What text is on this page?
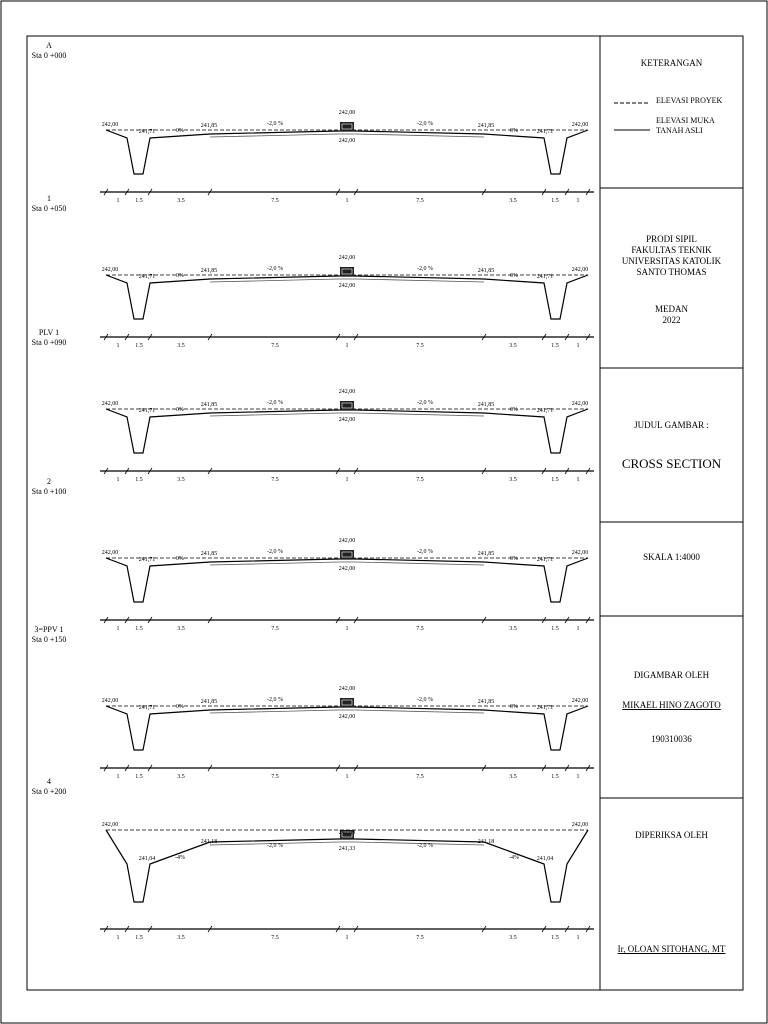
A
Sta 0 +000
242,00	242,00
241,71	241,71
241,85	241,85
242,00
242,00
-2,0 %	-2,0 %
0%	0%
1	1.5	3.5	7.5	1	7.5	3.5	1.5	1
1
Sta 0 +050
242,00	242,00
241,71	241,71
241,85	241,85
242,00
242,00
-2,0 %	-2,0 %
0%	0%
1	1.5	3.5	7.5	1	7.5	3.5	1.5	1
PLV 1
Sta 0 +090
242,00	242,00
241,71	241,71
241,85	241,85
242,00
242,00
-2,0 %	-2,0 %
0%	0%
1	1.5	3.5	7.5	1	7.5	3.5	1.5	1
2
Sta 0 +100
242,00	242,00
241,71	241,71
241,85	241,85
242,00
242,00
-2,0 %	-2,0 %
0%	0%
1	1.5	3.5	7.5	1	7.5	3.5	1.5	1
3=PPV 1
Sta 0 +150
242,00	242,00
241,71	241,71
241,85	241,85
242,00
242,00
-2,0 %	-2,0 %
0%	0%
1	1.5	3.5	7.5	1	7.5	3.5	1.5	1
4
Sta 0 +200
242,00	242,00
241,04	241,04
241,18	241,18
242,00
241,33
-2,0 %	-2,0 %
-4%	-4%
1	1.5	3.5	7.5	1	7.5	3.5	1.5	1
KETERANGAN
ELEVASI PROYEK
ELEVASI MUKA TANAH ASLI
PRODI SIPIL
FAKULTAS TEKNIK
UNIVERSITAS KATOLIK
SANTO THOMAS
MEDAN
2022
JUDUL GAMBAR :
CROSS SECTION
SKALA 1:4000
DIGAMBAR OLEH
MIKAEL HINO ZAGOTO
190310036
DIPERIKSA OLEH
Ir, OLOAN SITOHANG, MT
